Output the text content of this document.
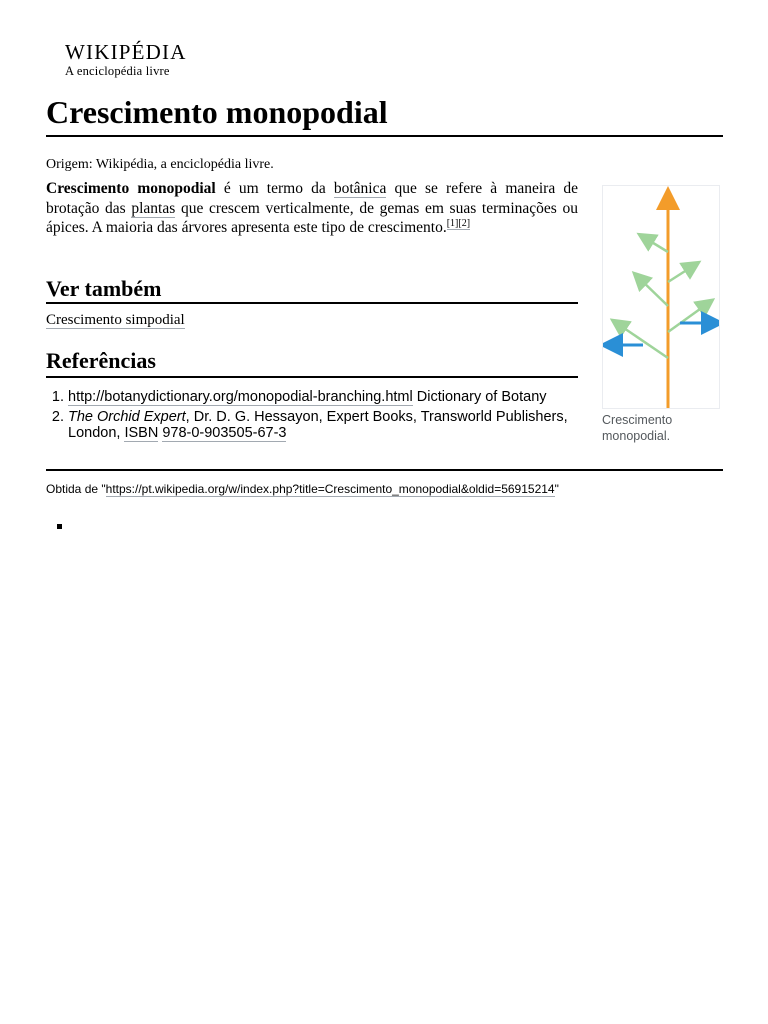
WIKIPÉDIA
A enciclopédia livre
Crescimento monopodial
Origem: Wikipédia, a enciclopédia livre.

Crescimento monopodial é um termo da botânica que se refere à maneira de brotação das plantas que crescem verticalmente, de gemas em suas terminações ou ápices. A maioria das árvores apresenta este tipo de crescimento.[1][2]

Ver também
Crescimento simpodial
Referências
1. http://botanydictionary.org/monopodial-branching.html Dictionary of Botany
2. The Orchid Expert, Dr. D. G. Hessayon, Expert Books, Transworld Publishers, London, ISBN 978-0-903505-67-3
Crescimento monopodial.
Obtida de "https://pt.wikipedia.org/w/index.php?title=Crescimento_monopodial&oldid=56915214"
